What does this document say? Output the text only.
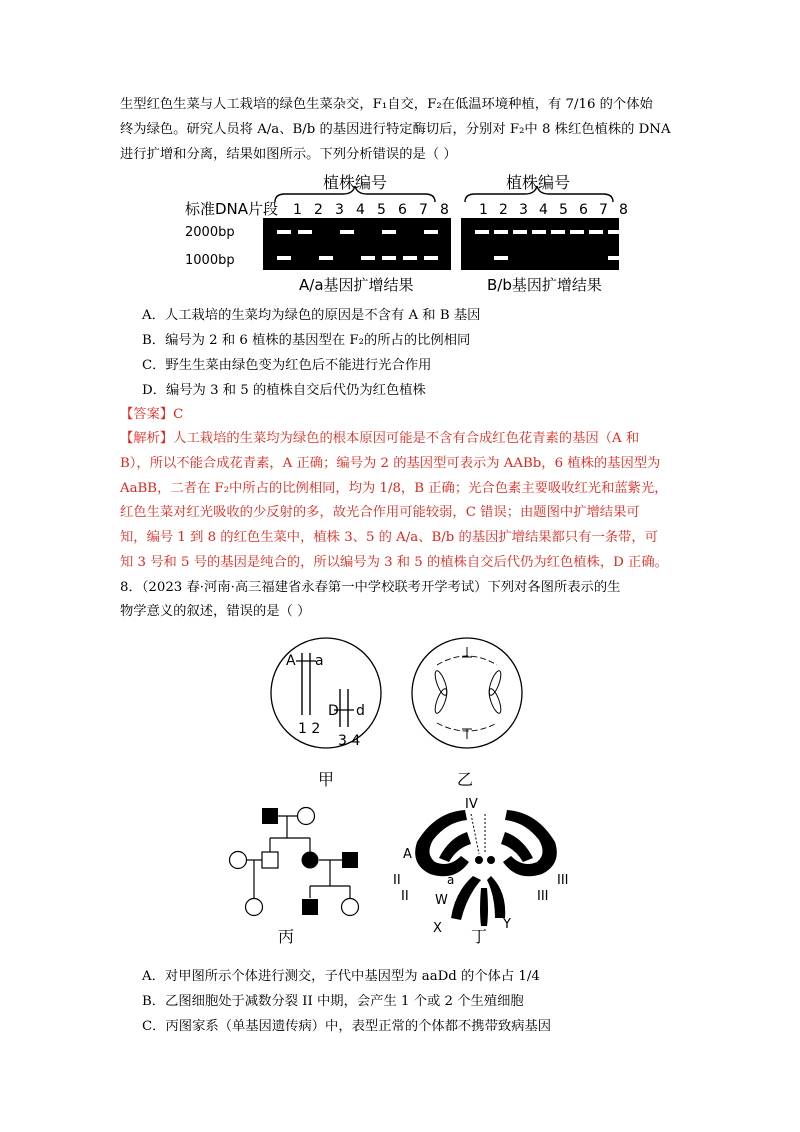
生型红色生菜与人工栽培的绿色生菜杂交，F₁自交，F₂在低温环境种植，有 7/16 的个体始
终为绿色。研究人员将 A/a、B/b 的基因进行特定酶切后，分别对 F₂中 8 株红色植株的 DNA
进行扩增和分离，结果如图所示。下列分析错误的是（ ）
植株编号	植株编号
标准DNA片段 1 2 3 4 5 6 7 8 1 2 3 4 5 6 7 8
2000bp
1000bp
A/a基因扩增结果	B/b基因扩增结果
A．人工栽培的生菜均为绿色的原因是不含有 A 和 B 基因
B．编号为 2 和 6 植株的基因型在 F₂的所占的比例相同
C．野生生菜由绿色变为红色后不能进行光合作用
D．编号为 3 和 5 的植株自交后代仍为红色植株
【答案】C
【解析】人工栽培的生菜均为绿色的根本原因可能是不含有合成红色花青素的基因（A 和
B），所以不能合成花青素，A 正确；编号为 2 的基因型可表示为 AABb，6 植株的基因型为
AaBB，二者在 F₂中所占的比例相同，均为 1/8，B 正确；光合色素主要吸收红光和蓝紫光，
红色生菜对红光吸收的少反射的多，故光合作用可能较弱，C 错误；由题图中扩增结果可
知，编号 1 到 8 的红色生菜中，植株 3、5 的 A/a、B/b 的基因扩增结果都只有一条带，可
知 3 号和 5 号的基因是纯合的，所以编号为 3 和 5 的植株自交后代仍为红色植株，D 正确。
8．（2023 春·河南·高三福建省永春第一中学校联考开学考试）下列对各图所表示的生
物学意义的叙述，错误的是（ ）
A a
1 2
D d
3 4
甲	乙
丙
IV
A
a
II
II
III
III
W
X	Y
丁
A．对甲图所示个体进行测交，子代中基因型为 aaDd 的个体占 1/4
B．乙图细胞处于减数分裂 II 中期，会产生 1 个或 2 个生殖细胞
C．丙图家系（单基因遗传病）中，表型正常的个体都不携带致病基因
